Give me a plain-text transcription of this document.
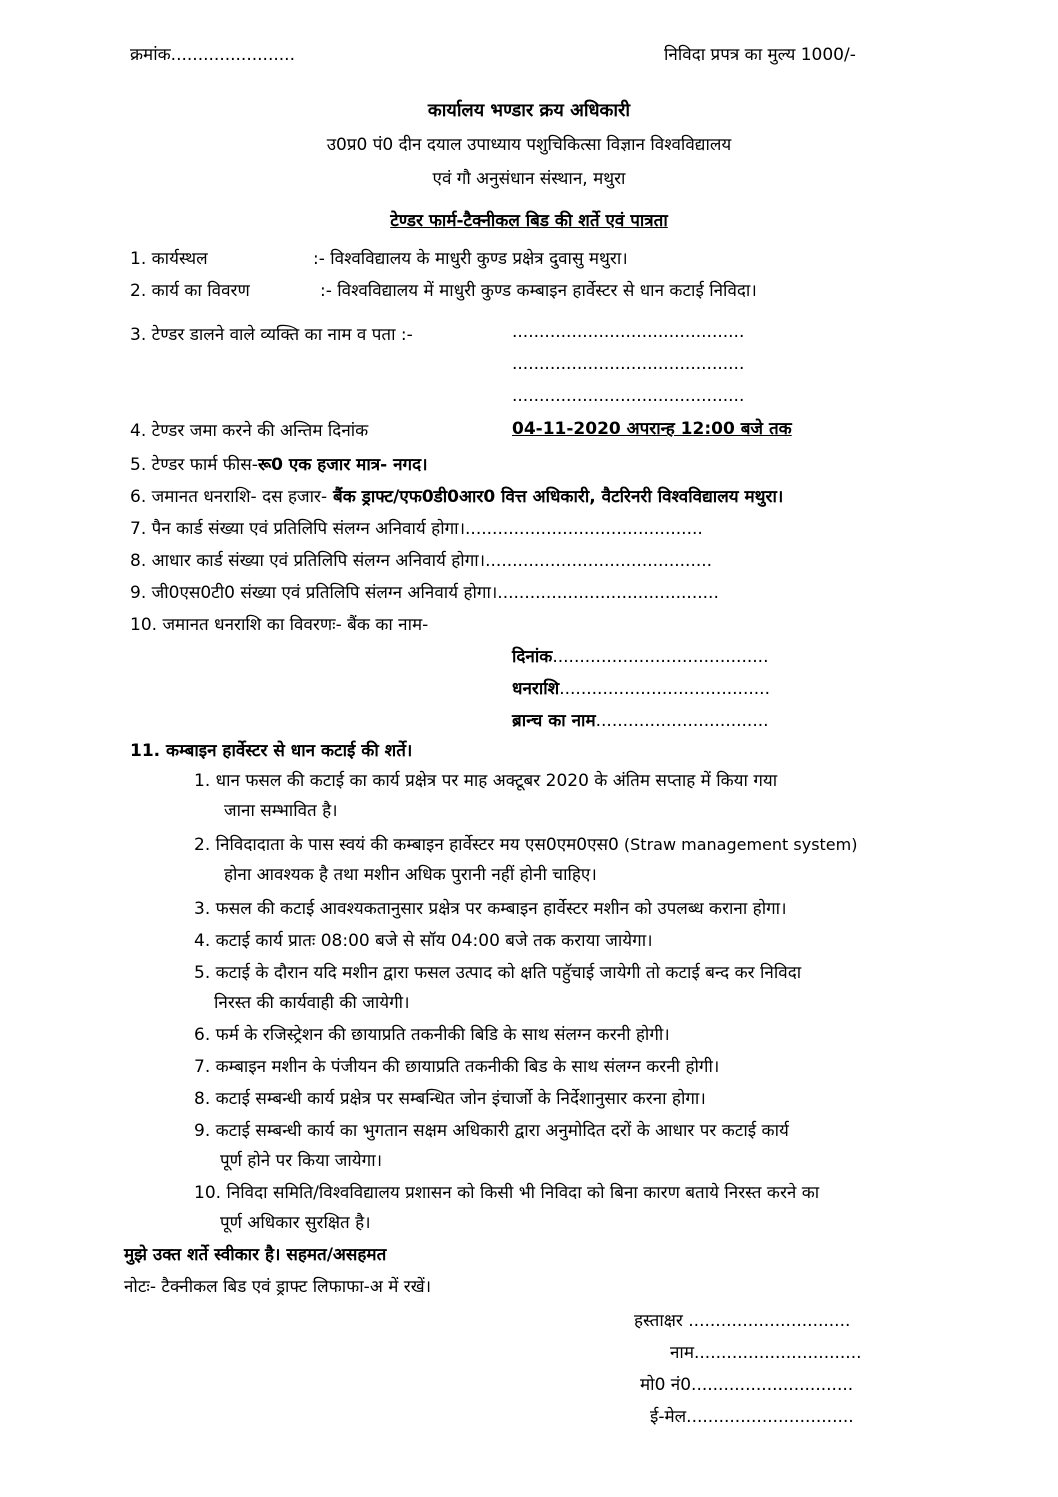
क्रमांक.......................	निविदा प्रपत्र का मुल्य 1000/-
कार्यालय भण्डार क्रय अधिकारी
उ0प्र0 पं0 दीन दयाल उपाध्याय पशुचिकित्सा विज्ञान विश्वविद्यालय
एवं गौ अनुसंधान संस्थान, मथुरा
टेण्डर फार्म-टैक्नीकल बिड की शर्ते एवं पात्रता
1. कार्यस्थल	:- विश्वविद्यालय के माधुरी कुण्ड प्रक्षेत्र दुवासु मथुरा।
2. कार्य का विवरण	:- विश्वविद्यालय में माधुरी कुण्ड कम्बाइन हार्वेस्टर से धान कटाई निविदा।
3. टेण्डर डालने वाले व्यक्ति का नाम व पता :-	...........................................
...........................................
...........................................
4. टेण्डर जमा करने की अन्तिम दिनांक	04-11-2020 अपरान्ह 12:00 बजे तक
5. टेण्डर फार्म फीस-रू0 एक हजार मात्र- नगद।
6. जमानत धनराशि- दस हजार- बैंक ड्राफ्ट/एफ0डी0आर0 वित्त अधिकारी, वैटरिनरी विश्वविद्यालय मथुरा।
7. पैन कार्ड संख्या एवं प्रतिलिपि संलग्न अनिवार्य होगा।............................................
8. आधार कार्ड संख्या एवं प्रतिलिपि संलग्न अनिवार्य होगा।..........................................
9. जी0एस0टी0 संख्या एवं प्रतिलिपि संलग्न अनिवार्य होगा।.........................................
10. जमानत धनराशि का विवरणः- बैंक का नाम-
दिनांक........................................
धनराशि.......................................
ब्रान्च का नाम................................
11. कम्बाइन हार्वेस्टर से धान कटाई की शर्ते।
1. धान फसल की कटाई का कार्य प्रक्षेत्र पर माह अक्टूबर 2020 के अंतिम सप्ताह में किया गया
जाना सम्भावित है।
2. निविदादाता के पास स्वयं की कम्बाइन हार्वेस्टर मय एस0एम0एस0 (Straw management system)
होना आवश्यक है तथा मशीन अधिक पुरानी नहीं होनी चाहिए।
3. फसल की कटाई आवश्यकतानुसार प्रक्षेत्र पर कम्बाइन हार्वेस्टर मशीन को उपलब्ध कराना होगा।
4. कटाई कार्य प्रातः 08:00 बजे से सॉय 04:00 बजे तक कराया जायेगा।
5. कटाई के दौरान यदि मशीन द्वारा फसल उत्पाद को क्षति पहुॅचाई जायेगी तो कटाई बन्द कर निविदा
निरस्त की कार्यवाही की जायेगी।
6. फर्म के रजिस्ट्रेशन की छायाप्रति तकनीकी बिडि के साथ संलग्न करनी होगी।
7. कम्बाइन मशीन के पंजीयन की छायाप्रति तकनीकी बिड के साथ संलग्न करनी होगी।
8. कटाई सम्बन्धी कार्य प्रक्षेत्र पर सम्बन्धित जोन इंचार्जो के निर्देशानुसार करना होगा।
9. कटाई सम्बन्धी कार्य का भुगतान सक्षम अधिकारी द्वारा अनुमोदित दरों के आधार पर कटाई कार्य
पूर्ण होने पर किया जायेगा।
10. निविदा समिति/विश्वविद्यालय प्रशासन को किसी भी निविदा को बिना कारण बताये निरस्त करने का
पूर्ण अधिकार सुरक्षित है।
मुझे उक्त शर्ते स्वीकार है। सहमत/असहमत
नोटः- टैक्नीकल बिड एवं ड्राफ्ट लिफाफा-अ में रखें।
हस्ताक्षर ..............................
नाम...............................
मो0 नं0..............................
ई-मेल...............................
